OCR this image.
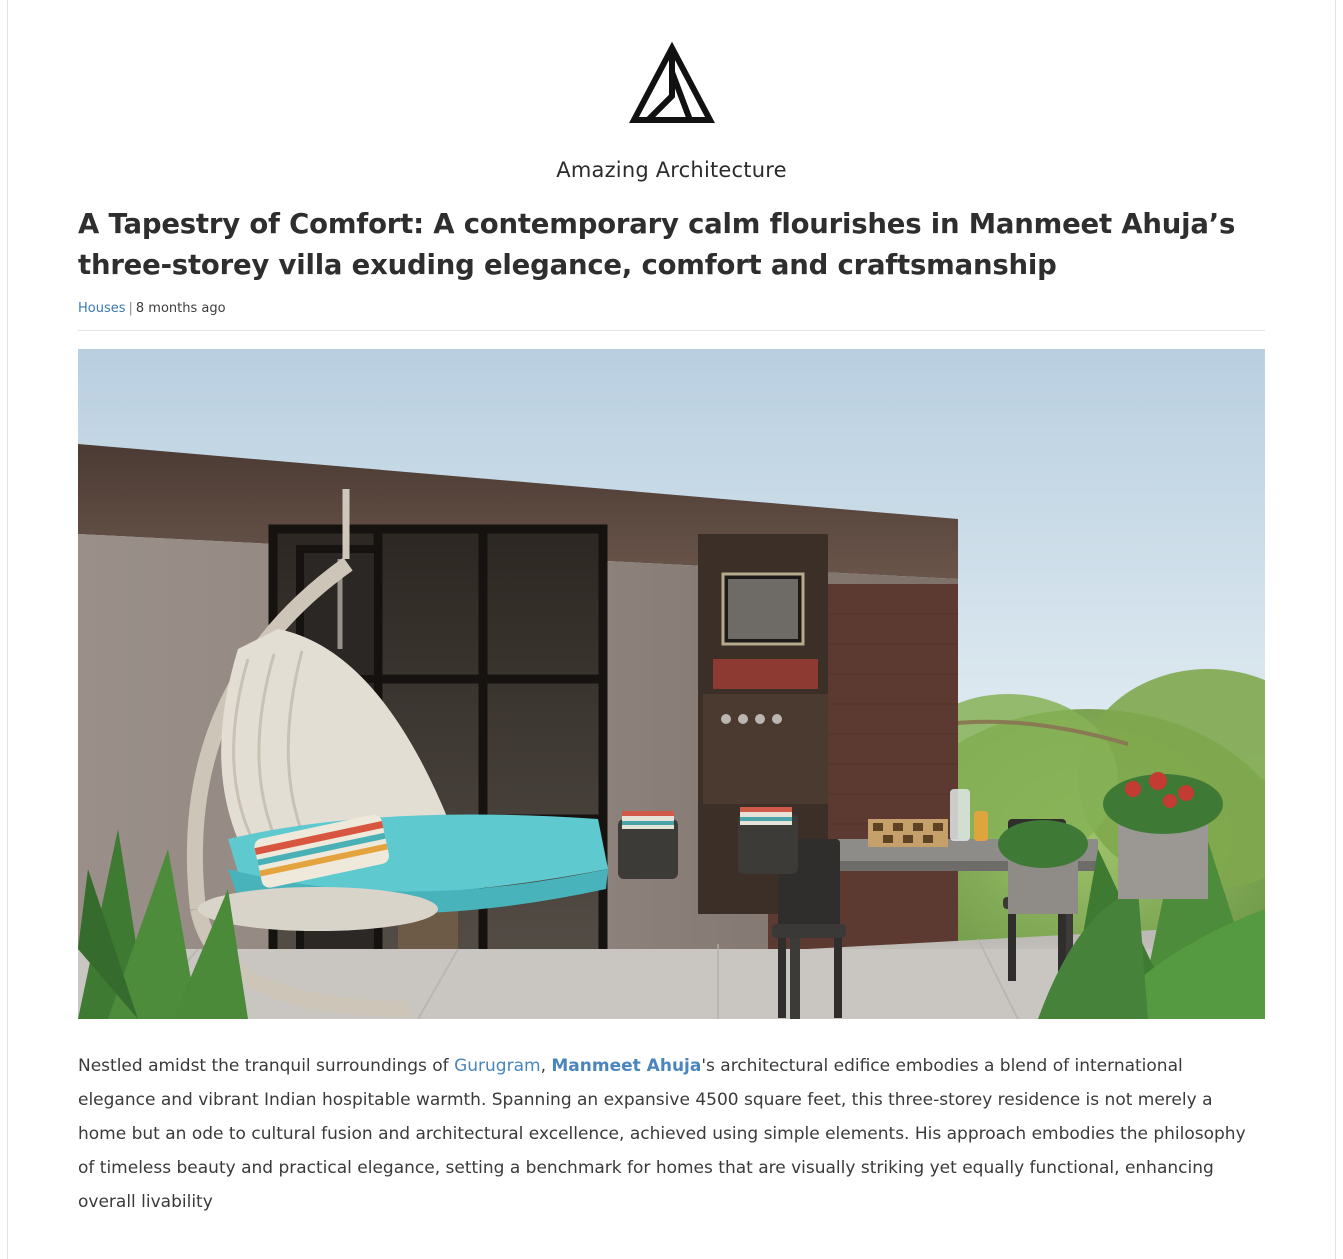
Amazing Architecture
A Tapestry of Comfort: A contemporary calm flourishes in Manmeet Ahuja’s three-storey villa exuding elegance, comfort and craftsmanship
Houses | 8 months ago

Nestled amidst the tranquil surroundings of Gurugram, Manmeet Ahuja's architectural edifice embodies a blend of international elegance and vibrant Indian hospitable warmth. Spanning an expansive 4500 square feet, this three-storey residence is not merely a home but an ode to cultural fusion and architectural excellence, achieved using simple elements. His approach embodies the philosophy of timeless beauty and practical elegance, setting a benchmark for homes that are visually striking yet equally functional, enhancing overall livability
